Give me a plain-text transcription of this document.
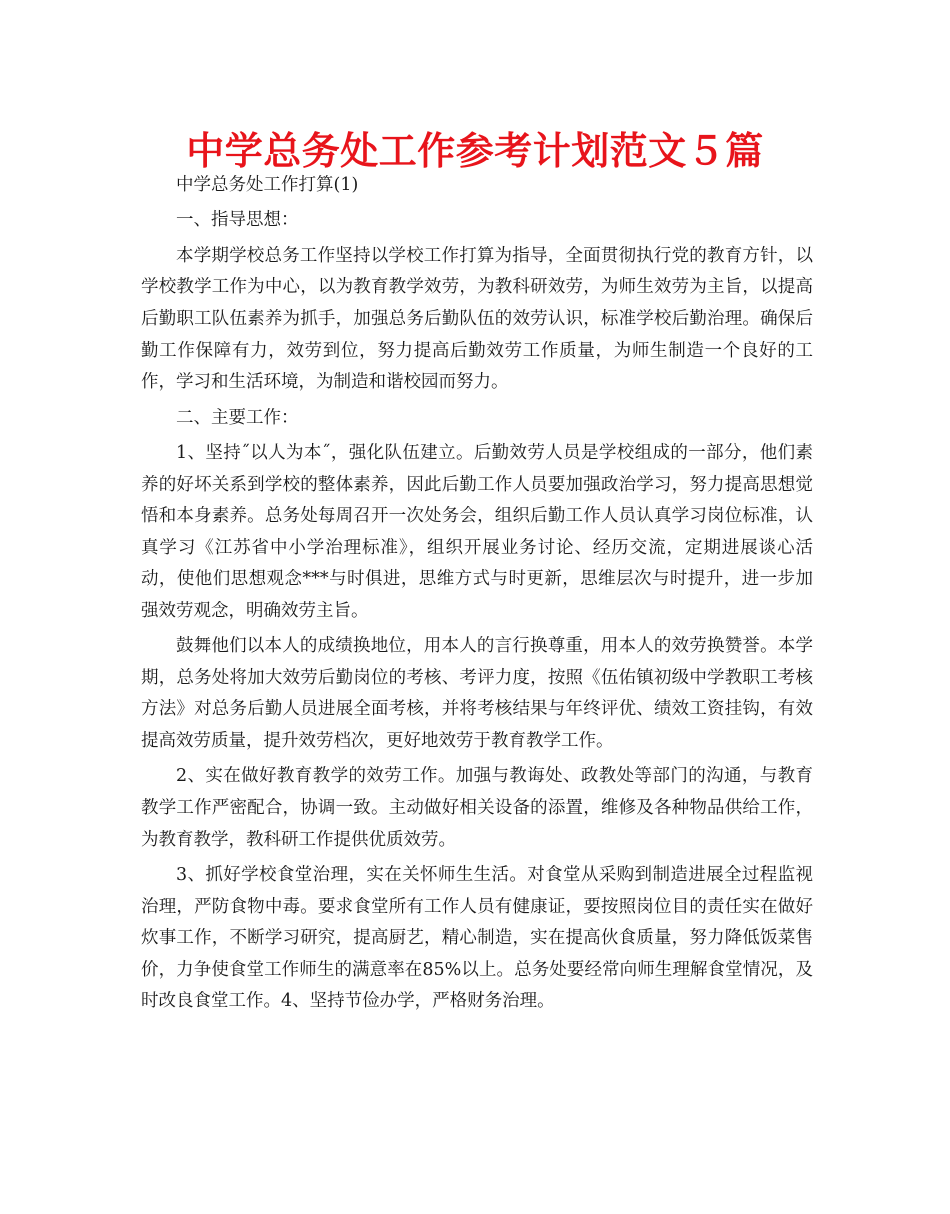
中学总务处工作参考计划范文５篇

中学总务处工作打算(1)

一、指导思想：

本学期学校总务工作坚持以学校工作打算为指导，全面贯彻执行党的教育方针，以学校教学工作为中心，以为教育教学效劳，为教科研效劳，为师生效劳为主旨，以提高后勤职工队伍素养为抓手，加强总务后勤队伍的效劳认识，标准学校后勤治理。确保后勤工作保障有力，效劳到位，努力提高后勤效劳工作质量，为师生制造一个良好的工作，学习和生活环境，为制造和谐校园而努力。

二、主要工作：

1、坚持˝以人为本˝，强化队伍建立。后勤效劳人员是学校组成的一部分，他们素养的好坏关系到学校的整体素养，因此后勤工作人员要加强政治学习，努力提高思想觉悟和本身素养。总务处每周召开一次处务会，组织后勤工作人员认真学习岗位标准，认真学习《江苏省中小学治理标准》，组织开展业务讨论、经历交流，定期进展谈心活动，使他们思想观念***与时俱进，思维方式与时更新，思维层次与时提升，进一步加强效劳观念，明确效劳主旨。

鼓舞他们以本人的成绩换地位，用本人的言行换尊重，用本人的效劳换赞誉。本学期，总务处将加大效劳后勤岗位的考核、考评力度，按照《伍佑镇初级中学教职工考核方法》对总务后勤人员进展全面考核，并将考核结果与年终评优、绩效工资挂钩，有效提高效劳质量，提升效劳档次，更好地效劳于教育教学工作。

2、实在做好教育教学的效劳工作。加强与教诲处、政教处等部门的沟通，与教育教学工作严密配合，协调一致。主动做好相关设备的添置，维修及各种物品供给工作，为教育教学，教科研工作提供优质效劳。

3、抓好学校食堂治理，实在关怀师生生活。对食堂从采购到制造进展全过程监视治理，严防食物中毒。要求食堂所有工作人员有健康证，要按照岗位目的责任实在做好炊事工作，不断学习研究，提高厨艺，精心制造，实在提高伙食质量，努力降低饭菜售价，力争使食堂工作师生的满意率在85%以上。总务处要经常向师生理解食堂情况，及时改良食堂工作。4、坚持节俭办学，严格财务治理。
